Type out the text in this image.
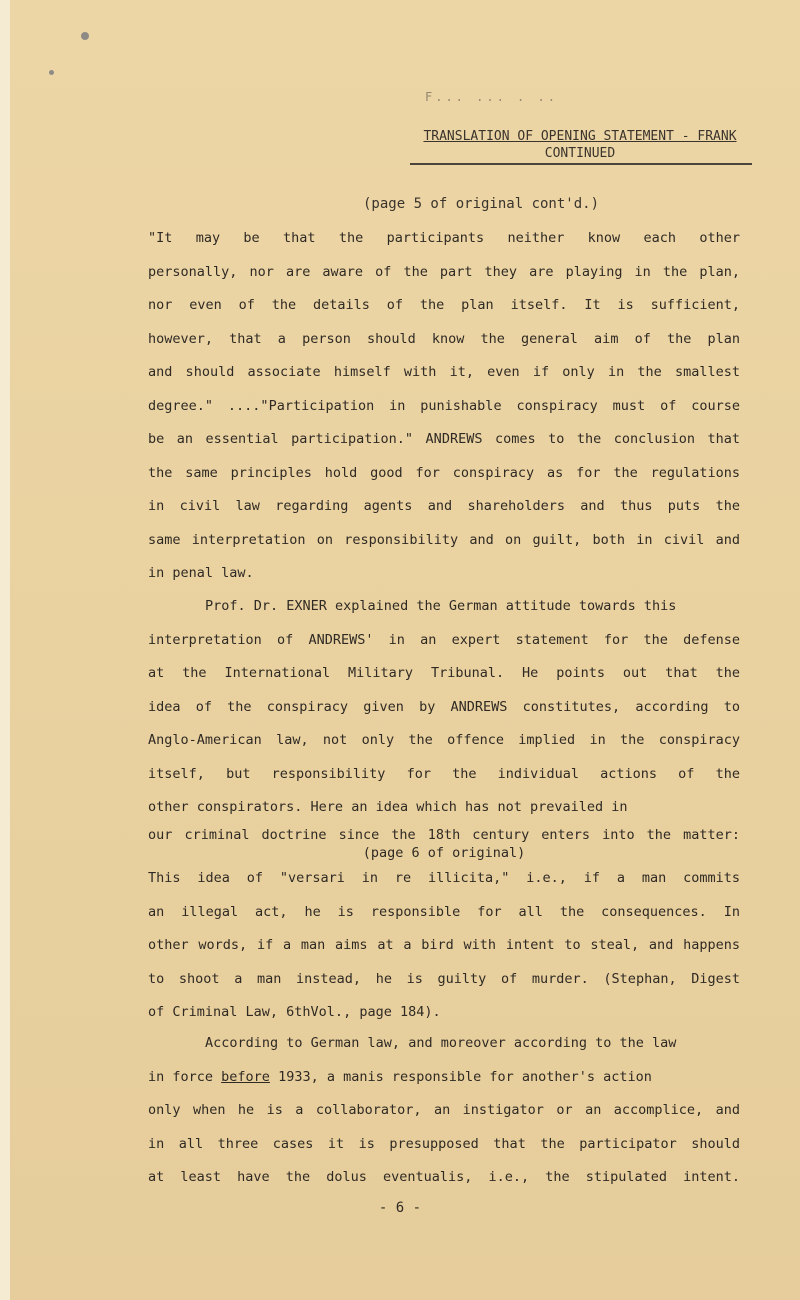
F... ... . ..
TRANSLATION OF OPENING STATEMENT - FRANK
CONTINUED
(page 5 of original cont'd.)
"It may be that the participants neither know each other
personally, nor are aware of the part they are playing in the plan,
nor even of the details of the plan itself. It is sufficient,
however, that a person should know the general aim of the plan
and should associate himself with it, even if only in the smallest
degree." ...."Participation in punishable conspiracy must of course
be an essential participation." ANDREWS comes to the conclusion that
the same principles hold good for conspiracy as for the regulations
in civil law regarding agents and shareholders and thus puts the
same interpretation on responsibility and on guilt, both in civil and
in penal law.
Prof. Dr. EXNER explained the German attitude towards this
interpretation of ANDREWS' in an expert statement for the defense
at the International Military Tribunal. He points out that the
idea of the conspiracy given by ANDREWS constitutes, according to
Anglo-American law, not only the offence implied in the conspiracy
itself, but responsibility for the individual actions of the
other conspirators. Here an idea which has not prevailed in
our criminal doctrine since the 18th century enters into the matter:
(page 6 of original)
This idea of "versari in re illicita," i.e., if a man commits
an illegal act, he is responsible for all the consequences. In
other words, if a man aims at a bird with intent to steal, and happens
to shoot a man instead, he is guilty of murder. (Stephan, Digest
of Criminal Law, 6thVol., page 184).
According to German law, and moreover according to the law
in force before 1933, a manis responsible for another's action
only when he is a collaborator, an instigator or an accomplice, and
in all three cases it is presupposed that the participator should
at least have the dolus eventualis, i.e., the stipulated intent.
- 6 -
